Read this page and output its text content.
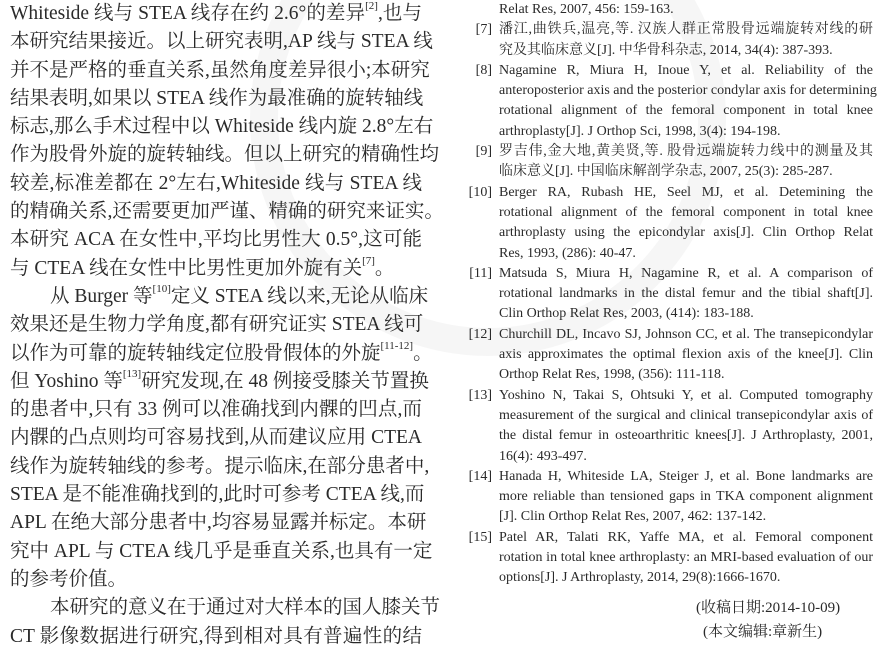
Whiteside 线与 STEA 线存在约 2.6°的差异[2],也与
本研究结果接近。以上研究表明,AP 线与 STEA 线
并不是严格的垂直关系,虽然角度差异很小;本研究
结果表明,如果以 STEA 线作为最准确的旋转轴线
标志,那么手术过程中以 Whiteside 线内旋 2.8°左右
作为股骨外旋的旋转轴线。但以上研究的精确性均
较差,标准差都在 2°左右,Whiteside 线与 STEA 线
的精确关系,还需要更加严谨、精确的研究来证实。
本研究 ACA 在女性中,平均比男性大 0.5°,这可能
与 CTEA 线在女性中比男性更加外旋有关[7]。
从 Burger 等[10]定义 STEA 线以来,无论从临床
效果还是生物力学角度,都有研究证实 STEA 线可
以作为可靠的旋转轴线定位股骨假体的外旋[11-12]。
但 Yoshino 等[13]研究发现,在 48 例接受膝关节置换
的患者中,只有 33 例可以准确找到内髁的凹点,而
内髁的凸点则均可容易找到,从而建议应用 CTEA
线作为旋转轴线的参考。提示临床,在部分患者中,
STEA 是不能准确找到的,此时可参考 CTEA 线,而
APL 在绝大部分患者中,均容易显露并标定。本研
究中 APL 与 CTEA 线几乎是垂直关系,也具有一定
的参考价值。
本研究的意义在于通过对大样本的国人膝关节
CT 影像数据进行研究,得到相对具有普遍性的结
Relat Res, 2007, 456: 159-163.
[7] 潘江,曲铁兵,温亮,等. 汉族人群正常股骨远端旋转对线的研
究及其临床意义[J]. 中华骨科杂志, 2014, 34(4): 387-393.
[8] Nagamine R, Miura H, Inoue Y, et al. Reliability of the
anteroposterior axis and the posterior condylar axis for determining
rotational alignment of the femoral component in total knee
arthroplasty[J]. J Orthop Sci, 1998, 3(4): 194-198.
[9] 罗吉伟,金大地,黄美贤,等. 股骨远端旋转力线中的测量及其
临床意义[J]. 中国临床解剖学杂志, 2007, 25(3): 285-287.
[10] Berger RA, Rubash HE, Seel MJ, et al. Detemining the
rotational alignment of the femoral component in total knee
arthroplasty using the epicondylar axis[J]. Clin Orthop Relat
Res, 1993, (286): 40-47.
[11] Matsuda S, Miura H, Nagamine R, et al. A comparison of
rotational landmarks in the distal femur and the tibial shaft[J].
Clin Orthop Relat Res, 2003, (414): 183-188.
[12] Churchill DL, Incavo SJ, Johnson CC, et al. The transepicondylar
axis approximates the optimal flexion axis of the knee[J]. Clin
Orthop Relat Res, 1998, (356): 111-118.
[13] Yoshino N, Takai S, Ohtsuki Y, et al. Computed tomography
measurement of the surgical and clinical transepicondylar axis of
the distal femur in osteoarthritic knees[J]. J Arthroplasty, 2001,
16(4): 493-497.
[14] Hanada H, Whiteside LA, Steiger J, et al. Bone landmarks are
more reliable than tensioned gaps in TKA component alignment
[J]. Clin Orthop Relat Res, 2007, 462: 137-142.
[15] Patel AR, Talati RK, Yaffe MA, et al. Femoral component
rotation in total knee arthroplasty: an MRI-based evaluation of our
options[J]. J Arthroplasty, 2014, 29(8):1666-1670.
(收稿日期:2014-10-09)
(本文编辑:章新生)
